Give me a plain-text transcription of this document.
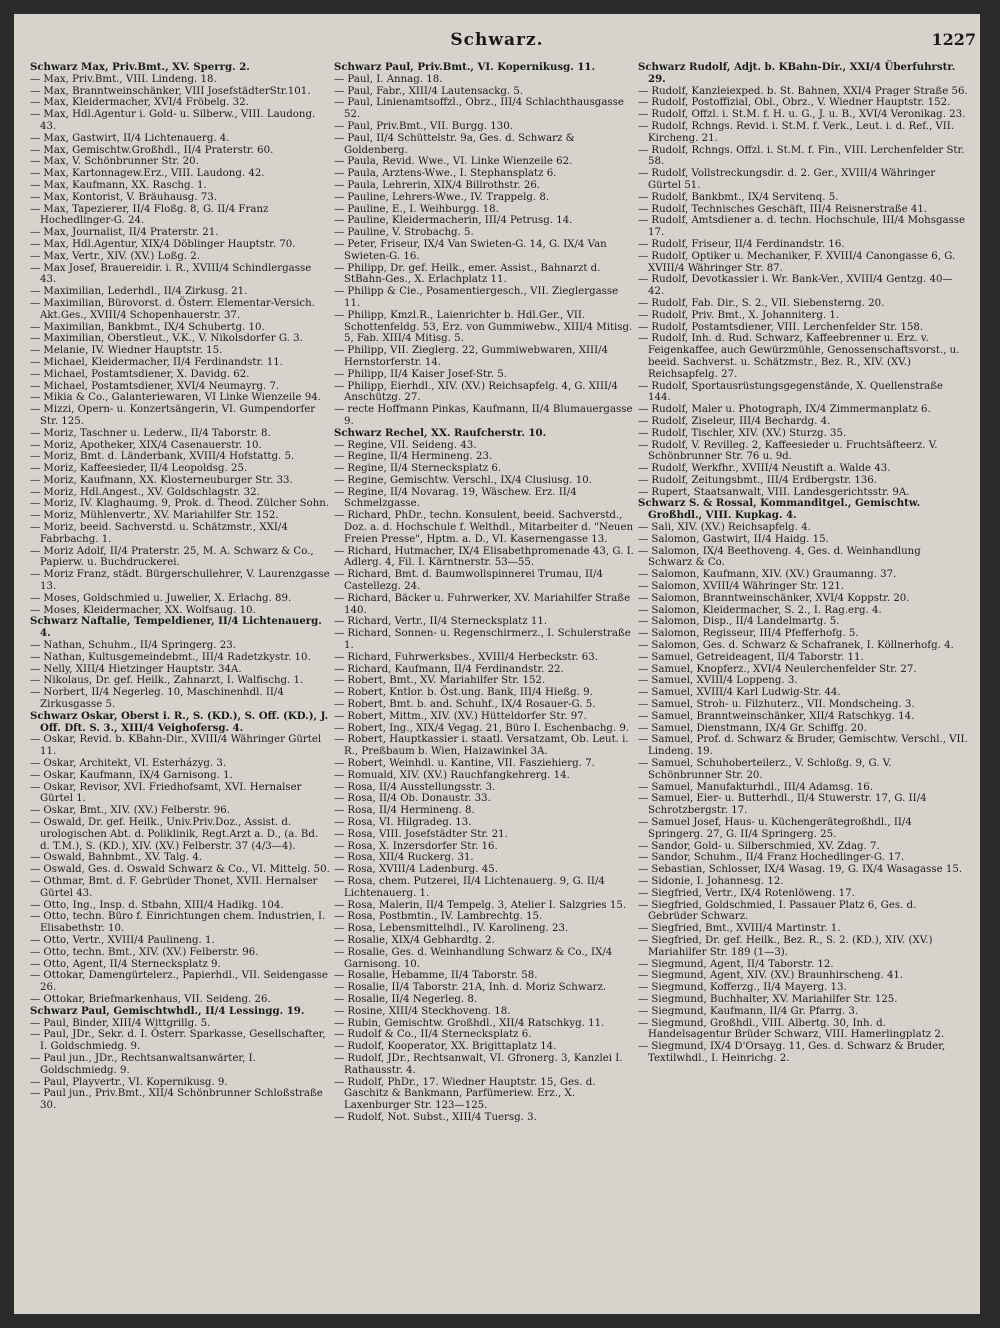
Schwarz.	1227
Schwarz Max, Priv.Bmt., XV. Sperrg. 2.
— Max, Priv.Bmt., VIII. Lindeng. 18.
— Max, Branntweinschänker, VIII JosefstädterStr.101.
— Max, Kleidermacher, XVI/4 Fröbelg. 32.
— Max, Hdl.Agentur i. Gold- u. Silberw., VIII. Laudong. 43.
— Max, Gastwirt, II/4 Lichtenauerg. 4.
— Max, Gemischtw.Großhdl., II/4 Praterstr. 60.
— Max, V. Schönbrunner Str. 20.
— Max, Kartonnagew.Erz., VIII. Laudong. 42.
— Max, Kaufmann, XX. Raschg. 1.
— Max, Kontorist, V. Bräuhausg. 73.
— Max, Tapezierer, II/4 Floßg. 8, G. II/4 Franz Hochedlinger-G. 24.
— Max, Journalist, II/4 Praterstr. 21.
— Max, Hdl.Agentur, XIX/4 Döblinger Hauptstr. 70.
— Max, Vertr., XIV. (XV.) Loßg. 2.
— Max Josef, Brauereidir. i. R., XVIII/4 Schindlergasse 43.
— Maximilian, Lederhdl., II/4 Zirkusg. 21.
— Maximilian, Bürovorst. d. Österr. Elementar-Versich. Akt.Ges., XVIII/4 Schopenhauerstr. 37.
— Maximilian, Bankbmt., IX/4 Schubertg. 10.
— Maximilian, Oberstleut., V.K., V. Nikolsdorfer G. 3.
— Melanie, IV. Wiedner Hauptstr. 15.
— Michael, Kleidermacher, II/4 Ferdinandstr. 11.
— Michael, Postamtsdiener, X. Davidg. 62.
— Michael, Postamtsdiener, XVI/4 Neumayrg. 7.
— Mikia & Co., Galanteriewaren, VI Linke Wienzeile 94.
— Mizzi, Opern- u. Konzertsängerin, VI. Gumpendorfer Str. 125.
— Moriz, Taschner u. Lederw., II/4 Taborstr. 8.
— Moriz, Apotheker, XIX/4 Casenauerstr. 10.
— Moriz, Bmt. d. Länderbank, XVIII/4 Hofstattg. 5.
— Moriz, Kaffeesieder, II/4 Leopoldsg. 25.
— Moriz, Kaufmann, XX. Klosterneuburger Str. 33.
— Moriz, Hdl.Angest., XV. Goldschlagstr. 32.
— Moriz, IV. Klaghaumg. 9, Prok. d. Theod. Zülcher Sohn.
— Moriz, Mühlenvertr., XV. Mariahilfer Str. 152.
— Moriz, beeid. Sachverstd. u. Schätzmstr., XXI/4 Fabrbachg. 1.
— Moriz Adolf, II/4 Praterstr. 25, M. A. Schwarz & Co., Papierw. u. Buchdruckerei.
— Moriz Franz, städt. Bürgerschullehrer, V. Laurenzgasse 13.
— Moses, Goldschmied u. Juwelier, X. Erlachg. 89.
— Moses, Kleidermacher, XX. Wolfsaug. 10.
Schwarz Naftalie, Tempeldiener, II/4 Lichtenauerg. 4.
— Nathan, Schuhm., II/4 Springerg. 23.
— Nathan, Kultusgemeindebmt., III/4 Radetzkystr. 10.
— Nelly, XIII/4 Hietzinger Hauptstr. 34A.
— Nikolaus, Dr. gef. Heilk., Zahnarzt, I. Walfischg. 1.
— Norbert, II/4 Negerleg. 10, Maschinenhdl. II/4 Zirkusgasse 5.
Schwarz Oskar, Oberst i. R., S. (KD.), S. Off. (KD.), J. Off. Dft. S. 3., XIII/4 Veighofersg. 4.
— Oskar, Revid. b. KBahn-Dir., XVIII/4 Währinger Gürtel 11.
— Oskar, Architekt, VI. Esterházyg. 3.
— Oskar, Kaufmann, IX/4 Garnisong. 1.
— Oskar, Revisor, XVI. Friedhofsamt, XVI. Hernalser Gürtel 1.
— Oskar, Bmt., XIV. (XV.) Felberstr. 96.
— Oswald, Dr. gef. Heilk., Univ.Priv.Doz., Assist. d. urologischen Abt. d. Poliklinik, Regt.Arzt a. D., (a. Bd. d. T.M.), S. (KD.), XIV. (XV.) Felberstr. 37 (4/3—4).
— Oswald, Bahnbmt., XV. Talg. 4.
— Oswald, Ges. d. Oswald Schwarz & Co., VI. Mittelg. 50.
— Othmar, Bmt. d. F. Gebrüder Thonet, XVII. Hernalser Gürtel 43.
— Otto, Ing., Insp. d. Stbahn, XIII/4 Hadikg. 104.
— Otto, techn. Büro f. Einrichtungen chem. Industrien, I. Elisabethstr. 10.
— Otto, Vertr., XVIII/4 Paulineng. 1.
— Otto, techn. Bmt., XIV. (XV.) Felberstr. 96.
— Otto, Agent, II/4 Sternecksplatz 9.
— Ottokar, Damengürtelerz., Papierhdl., VII. Seidengasse 26.
— Ottokar, Briefmarkenhaus, VII. Seideng. 26.
Schwarz Paul, Gemischtwhdl., II/4 Lessingg. 19.
— Paul, Binder, XIII/4 Wittgrillg. 5.
— Paul, JDr., Sekr. d. I. Österr. Sparkasse, Gesellschafter, I. Goldschmiedg. 9.
— Paul jun., JDr., Rechtsanwaltsanwärter, I. Goldschmiedg. 9.
— Paul, Playvertr., VI. Kopernikusg. 9.
— Paul jun., Priv.Bmt., XII/4 Schönbrunner Schloßstraße 30.
Schwarz Paul, Priv.Bmt., VI. Kopernikusg. 11.
— Paul, I. Annag. 18.
— Paul, Fabr., XIII/4 Lautensackg. 5.
— Paul, Linienamtsoffzl., Obrz., III/4 Schlachthausgasse 52.
— Paul, Priv.Bmt., VII. Burgg. 130.
— Paul, II/4 Schüttelstr. 9a, Ges. d. Schwarz & Goldenberg.
— Paula, Revid. Wwe., VI. Linke Wienzeile 62.
— Paula, Arztens-Wwe., I. Stephansplatz 6.
— Paula, Lehrerin, XIX/4 Billrothstr. 26.
— Pauline, Lehrers-Wwe., IV. Trappelg. 8.
— Pauline, E., I. Weihburgg. 18.
— Pauline, Kleidermacherin, III/4 Petrusg. 14.
— Pauline, V. Strobachg. 5.
— Peter, Friseur, IX/4 Van Swieten-G. 14, G. IX/4 Van Swieten-G. 16.
— Philipp, Dr. gef. Heilk., emer. Assist., Bahnarzt d. StBahn-Ges., X. Erlachplatz 11.
— Philipp & Cie., Posamentiergesch., VII. Zieglergasse 11.
— Philipp, Kmzl.R., Laienrichter b. Hdl.Ger., VII. Schottenfeldg. 53, Erz. von Gummiwebw., XIII/4 Mitisg. 5, Fab. XIII/4 Mitisg. 5.
— Philipp, VII. Zieglerg. 22, Gummiwebwaren, XIII/4 Hernstorferstr. 14.
— Philipp, II/4 Kaiser Josef-Str. 5.
— Philipp, Eierhdl., XIV. (XV.) Reichsapfelg. 4, G. XIII/4 Anschützg. 27.
— recte Hoffmann Pinkas, Kaufmann, II/4 Blumauergasse 9.
Schwarz Rechel, XX. Raufcherstr. 10.
— Regine, VII. Seideng. 43.
— Regine, II/4 Hermineng. 23.
— Regine, II/4 Sternecksplatz 6.
— Regine, Gemischtw. Verschl., IX/4 Clusiusg. 10.
— Regine, II/4 Novarag. 19, Wäschew. Erz. II/4 Schmelzgasse.
— Richard, PhDr., techn. Konsulent, beeid. Sachverstd., Doz. a. d. Hochschule f. Welthdl., Mitarbeiter d. "Neuen Freien Presse", Hptm. a. D., VI. Kasernengasse 13.
— Richard, Hutmacher, IX/4 Elisabethpromenade 43, G. I. Adlerg. 4, Fil. I. Kärntnerstr. 53—55.
— Richard, Bmt. d. Baumwollspinnerei Trumau, II/4 Castellezg. 24.
— Richard, Bäcker u. Fuhrwerker, XV. Mariahilfer Straße 140.
— Richard, Vertr., II/4 Sternecksplatz 11.
— Richard, Sonnen- u. Regenschirmerz., I. Schulerstraße 1.
— Richard, Fuhrwerksbes., XVIII/4 Herbeckstr. 63.
— Richard, Kaufmann, II/4 Ferdinandstr. 22.
— Robert, Bmt., XV. Mariahilfer Str. 152.
— Robert, Kntlor. b. Öst.ung. Bank, III/4 Hießg. 9.
— Robert, Bmt. b. and. Schuhf., IX/4 Rosauer-G. 5.
— Robert, Mittm., XIV. (XV.) Hütteldorfer Str. 97.
— Robert, Ing., XIX/4 Vegag. 21, Büro I. Eschenbachg. 9.
— Robert, Hauptkassier i. staatl. Versatzamt, Ob. Leut. i. R., Preßbaum b. Wien, Haizawinkel 3A.
— Robert, Weinhdl. u. Kantine, VII. Fasziehierg. 7.
— Romuald, XIV. (XV.) Rauchfangkehrerg. 14.
— Rosa, II/4 Ausstellungsstr. 3.
— Rosa, II/4 Ob. Donaustr. 33.
— Rosa, II/4 Hermineng. 8.
— Rosa, VI. Hilgradeg. 13.
— Rosa, VIII. Josefstädter Str. 21.
— Rosa, X. Inzersdorfer Str. 16.
— Rosa, XII/4 Ruckerg. 31.
— Rosa, XVIII/4 Ladenburg. 45.
— Rosa, chem. Putzerei, II/4 Lichtenauerg. 9, G. II/4 Lichtenauerg. 1.
— Rosa, Malerin, II/4 Tempelg. 3, Atelier I. Salzgries 15.
— Rosa, Postbmtin., IV. Lambrechtg. 15.
— Rosa, Lebensmittelhdl., IV. Karolineng. 23.
— Rosalie, XIX/4 Gebhardtg. 2.
— Rosalie, Ges. d. Weinhandlung Schwarz & Co., IX/4 Garnisong. 10.
— Rosalie, Hebamme, II/4 Taborstr. 58.
— Rosalie, II/4 Taborstr. 21A, Inh. d. Moriz Schwarz.
— Rosalie, II/4 Negerleg. 8.
— Rosine, XIII/4 Steckhoveng. 18.
— Rubin, Gemischtw. Großhdl., XII/4 Ratschkyg. 11.
— Rudolf & Co., II/4 Sternecksplatz 6.
— Rudolf, Kooperator, XX. Brigittaplatz 14.
— Rudolf, JDr., Rechtsanwalt, VI. Gfronerg. 3, Kanzlei I. Rathausstr. 4.
— Rudolf, PhDr., 17. Wiedner Hauptstr. 15, Ges. d. Gaschitz & Bankmann, Parfümeriew. Erz., X. Laxenburger Str. 123—125.
— Rudolf, Not. Subst., XIII/4 Tuersg. 3.
Schwarz Rudolf, Adjt. b. KBahn-Dir., XXI/4 Überfuhrstr. 29.
— Rudolf, Kanzleiexped. b. St. Bahnen, XXI/4 Prager Straße 56.
— Rudolf, Postoffizial, Obl., Obrz., V. Wiedner Hauptstr. 152.
— Rudolf, Offzl. i. St.M. f. H. u. G., J. u. B., XVI/4 Veronikag. 23.
— Rudolf, Rchngs. Revid. i. St.M. f. Verk., Leut. i. d. Ref., VII. Kircheng. 21.
— Rudolf, Rchngs. Offzl. i. St.M. f. Fin., VIII. Lerchenfelder Str. 58.
— Rudolf, Vollstreckungsdir. d. 2. Ger., XVIII/4 Währinger Gürtel 51.
— Rudolf, Bankbmt., IX/4 Servitenq. 5.
— Rudolf, Technisches Geschäft, III/4 Reisnerstraße 41.
— Rudolf, Amtsdiener a. d. techn. Hochschule, III/4 Mohsgasse 17.
— Rudolf, Friseur, II/4 Ferdinandstr. 16.
— Rudolf, Optiker u. Mechaniker, F. XVIII/4 Canongasse 6, G. XVIII/4 Währinger Str. 87.
— Rudolf, Devotkassier i. Wr. Bank-Ver., XVIII/4 Gentzg. 40—42.
— Rudolf, Fab. Dir., S. 2., VII. Siebensterng. 20.
— Rudolf, Priv. Bmt., X. Johanniterg. 1.
— Rudolf, Postamtsdiener, VIII. Lerchenfelder Str. 158.
— Rudolf, Inh. d. Rud. Schwarz, Kaffeebrenner u. Erz. v. Feigenkaffee, auch Gewürzmühle, Genossenschaftsvorst., u. beeid. Sachverst. u. Schätzmstr., Bez. R., XIV. (XV.) Reichsapfelg. 27.
— Rudolf, Sportausrüstungsgegenstände, X. Quellenstraße 144.
— Rudolf, Maler u. Photograph, IX/4 Zimmermanplatz 6.
— Rudolf, Ziseleur, III/4 Bechardg. 4.
— Rudolf, Tischler, XIV. (XV.) Sturzg. 35.
— Rudolf, V. Revilleg. 2, Kaffeesieder u. Fruchtsäfteerz. V. Schönbrunner Str. 76 u. 9d.
— Rudolf, Werkfhr., XVIII/4 Neustift a. Walde 43.
— Rudolf, Zeitungsbmt., III/4 Erdbergstr. 136.
— Rupert, Staatsanwalt, VIII. Landesgerichtsstr. 9A.
Schwarz S. & Rossal, Kommanditgel., Gemischtw. Großhdl., VIII. Kupkag. 4.
— Sali, XIV. (XV.) Reichsapfelg. 4.
— Salomon, Gastwirt, II/4 Haidg. 15.
— Salomon, IX/4 Beethoveng. 4, Ges. d. Weinhandlung Schwarz & Co.
— Salomon, Kaufmann, XIV. (XV.) Graumanng. 37.
— Salomon, XVIII/4 Währinger Str. 121.
— Salomon, Branntweinschänker, XVI/4 Koppstr. 20.
— Salomon, Kleidermacher, S. 2., I. Rag.erg. 4.
— Salomon, Disp., II/4 Landelmartg. 5.
— Salomon, Regisseur, III/4 Pfefferhofg. 5.
— Salomon, Ges. d. Schwarz & Schafranek, I. Köllnerhofg. 4.
— Samuel, Getreideagent, II/4 Taborstr. 11.
— Samuel, Knopferz., XVI/4 Neulerchenfelder Str. 27.
— Samuel, XVIII/4 Loppeng. 3.
— Samuel, XVIII/4 Karl Ludwig-Str. 44.
— Samuel, Stroh- u. Filzhuterz., VII. Mondscheing. 3.
— Samuel, Branntweinschänker, XII/4 Ratschkyg. 14.
— Samuel, Dienstmann, IX/4 Gr. Schiffg. 20.
— Samuel, Prof. d. Schwarz & Bruder, Gemischtw. Verschl., VII. Lindeng. 19.
— Samuel, Schuhoberteilerz., V. Schloßg. 9, G. V. Schönbrunner Str. 20.
— Samuel, Manufakturhdl., III/4 Adamsg. 16.
— Samuel, Eier- u. Butterhdl., II/4 Stuwerstr. 17, G. II/4 Schrotzbergstr. 17.
— Samuel Josef, Haus- u. Küchengerätegroßhdl., II/4 Springerg. 27, G. II/4 Springerg. 25.
— Sandor, Gold- u. Silberschmied, XV. Zdag. 7.
— Sandor, Schuhm., II/4 Franz Hochedlinger-G. 17.
— Sebastian, Schlosser, IX/4 Wasag. 19, G. IX/4 Wasagasse 15.
— Sidonie, I. Johannesg. 12.
— Siegfried, Vertr., IX/4 Rotenlöweng. 17.
— Siegfried, Goldschmied, I. Passauer Platz 6, Ges. d. Gebrüder Schwarz.
— Siegfried, Bmt., XVIII/4 Martinstr. 1.
— Siegfried, Dr. gef. Heilk., Bez. R., S. 2. (KD.), XIV. (XV.) Mariahilfer Str. 189 (1—3).
— Siegmund, Agent, II/4 Taborstr. 12.
— Siegmund, Agent, XIV. (XV.) Braunhirscheng. 41.
— Siegmund, Kofferzg., II/4 Mayerg. 13.
— Siegmund, Buchhalter, XV. Mariahilfer Str. 125.
— Siegmund, Kaufmann, II/4 Gr. Pfarrg. 3.
— Siegmund, Großhdl., VIII. Albertg. 30, Inh. d. Handelsagentur Brüder Schwarz, VIII. Hamerlingplatz 2.
— Siegmund, IX/4 D'Orsayg. 11, Ges. d. Schwarz & Bruder, Textilwhdl., I. Heinrichg. 2.
